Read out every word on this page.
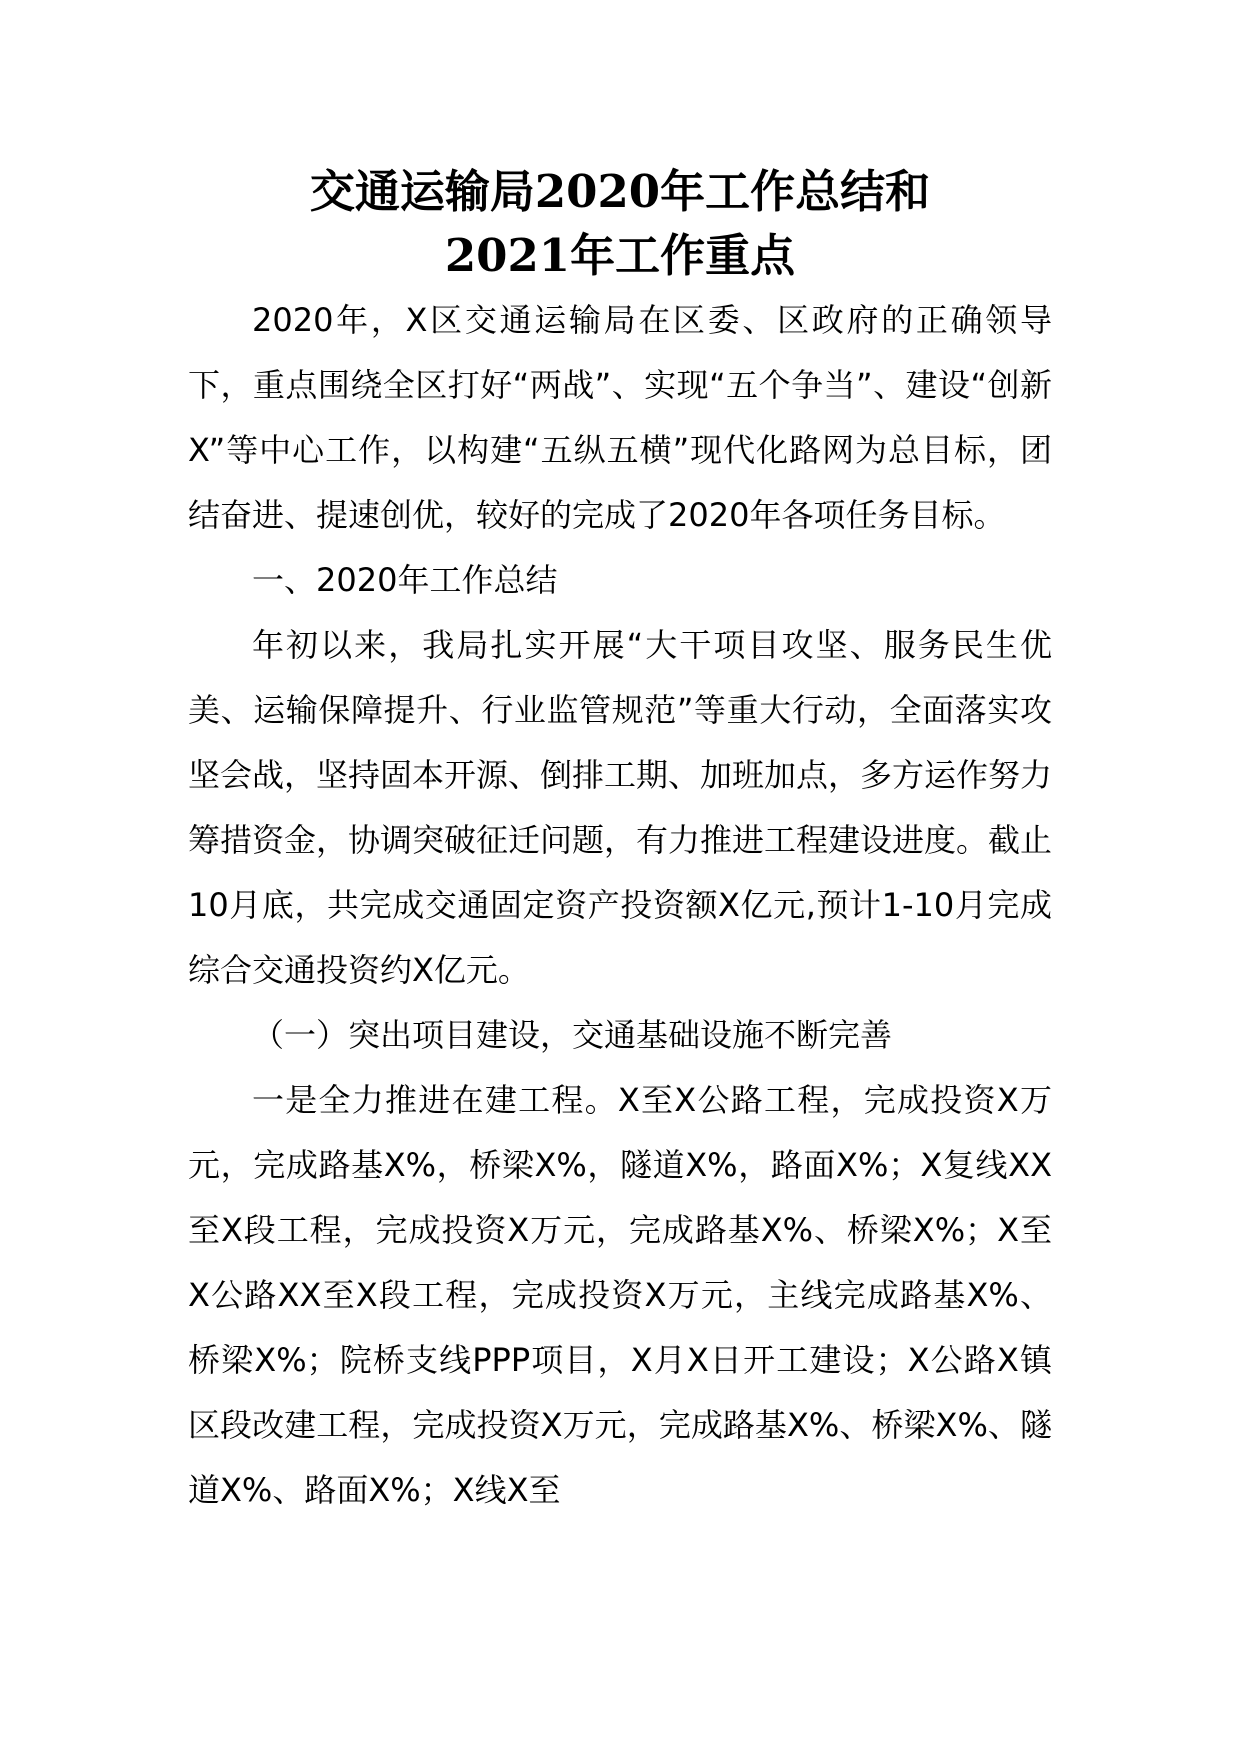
交通运输局2020年工作总结和
2021年工作重点

2020年，X区交通运输局在区委、区政府的正确领导下，重点围绕全区打好“两战”、实现“五个争当”、建设“创新X”等中心工作，以构建“五纵五横”现代化路网为总目标，团结奋进、提速创优，较好的完成了2020年各项任务目标。

一、2020年工作总结

年初以来，我局扎实开展“大干项目攻坚、服务民生优美、运输保障提升、行业监管规范”等重大行动，全面落实攻坚会战，坚持固本开源、倒排工期、加班加点，多方运作努力筹措资金，协调突破征迁问题，有力推进工程建设进度。截止10月底，共完成交通固定资产投资额X亿元,预计1-10月完成综合交通投资约X亿元。

（一）突出项目建设，交通基础设施不断完善

一是全力推进在建工程。X至X公路工程，完成投资X万元，完成路基X%，桥梁X%，隧道X%，路面X%；X复线XX至X段工程，完成投资X万元，完成路基X%、桥梁X%；X至X公路XX至X段工程，完成投资X万元，主线完成路基X%、桥梁X%；院桥支线PPP项目，X月X日开工建设；X公路X镇区段改建工程，完成投资X万元，完成路基X%、桥梁X%、隧道X%、路面X%；X线X至
